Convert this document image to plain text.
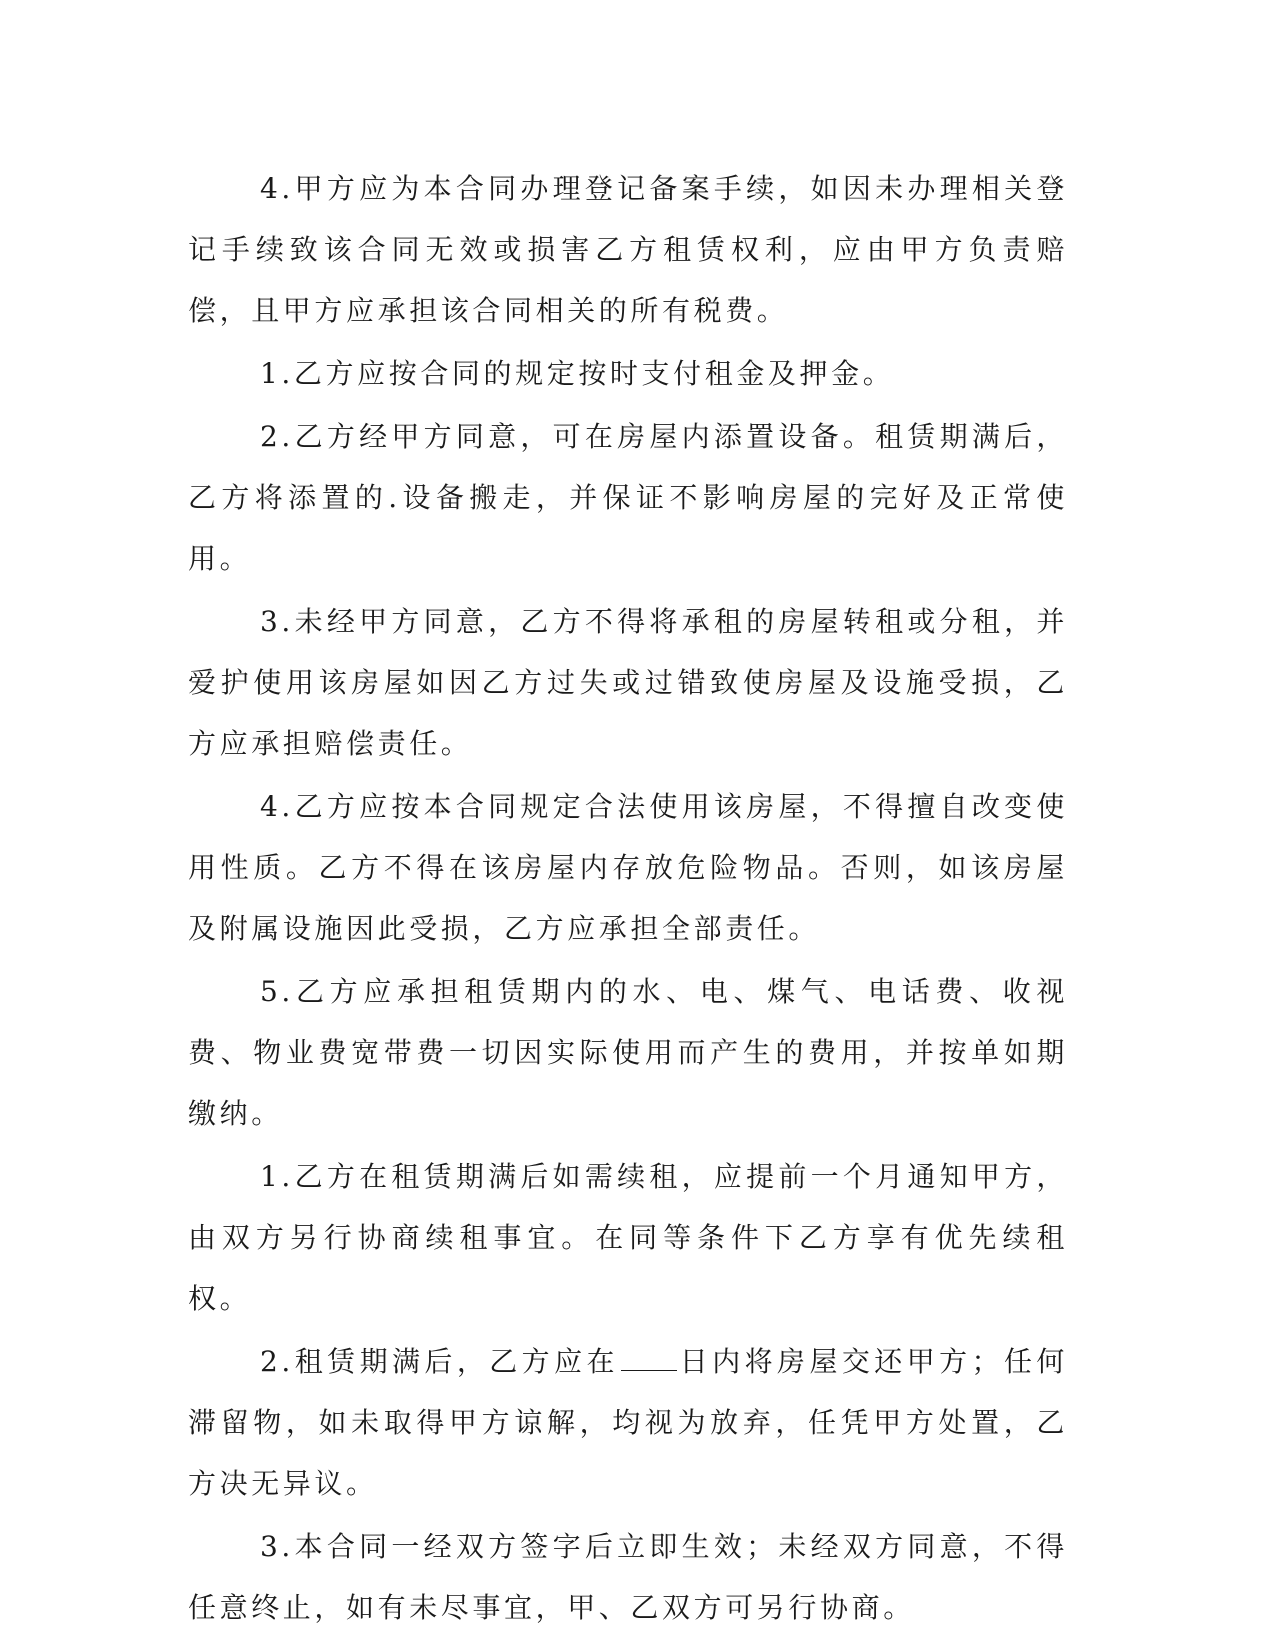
4.甲方应为本合同办理登记备案手续，如因未办理相关登记手续致该合同无效或损害乙方租赁权利，应由甲方负责赔偿，且甲方应承担该合同相关的所有税费。

1.乙方应按合同的规定按时支付租金及押金。

2.乙方经甲方同意，可在房屋内添置设备。租赁期满后，乙方将添置的.设备搬走，并保证不影响房屋的完好及正常使用。

3.未经甲方同意，乙方不得将承租的房屋转租或分租，并爱护使用该房屋如因乙方过失或过错致使房屋及设施受损，乙方应承担赔偿责任。

4.乙方应按本合同规定合法使用该房屋，不得擅自改变使用性质。乙方不得在该房屋内存放危险物品。否则，如该房屋及附属设施因此受损，乙方应承担全部责任。

5.乙方应承担租赁期内的水、电、煤气、电话费、收视费、物业费宽带费一切因实际使用而产生的费用，并按单如期缴纳。

1.乙方在租赁期满后如需续租，应提前一个月通知甲方，由双方另行协商续租事宜。在同等条件下乙方享有优先续租权。

2.租赁期满后，乙方应在 日内将房屋交还甲方；任何滞留物，如未取得甲方谅解，均视为放弃，任凭甲方处置，乙方决无异议。

3.本合同一经双方签字后立即生效；未经双方同意，不得任意终止，如有未尽事宜，甲、乙双方可另行协商。
